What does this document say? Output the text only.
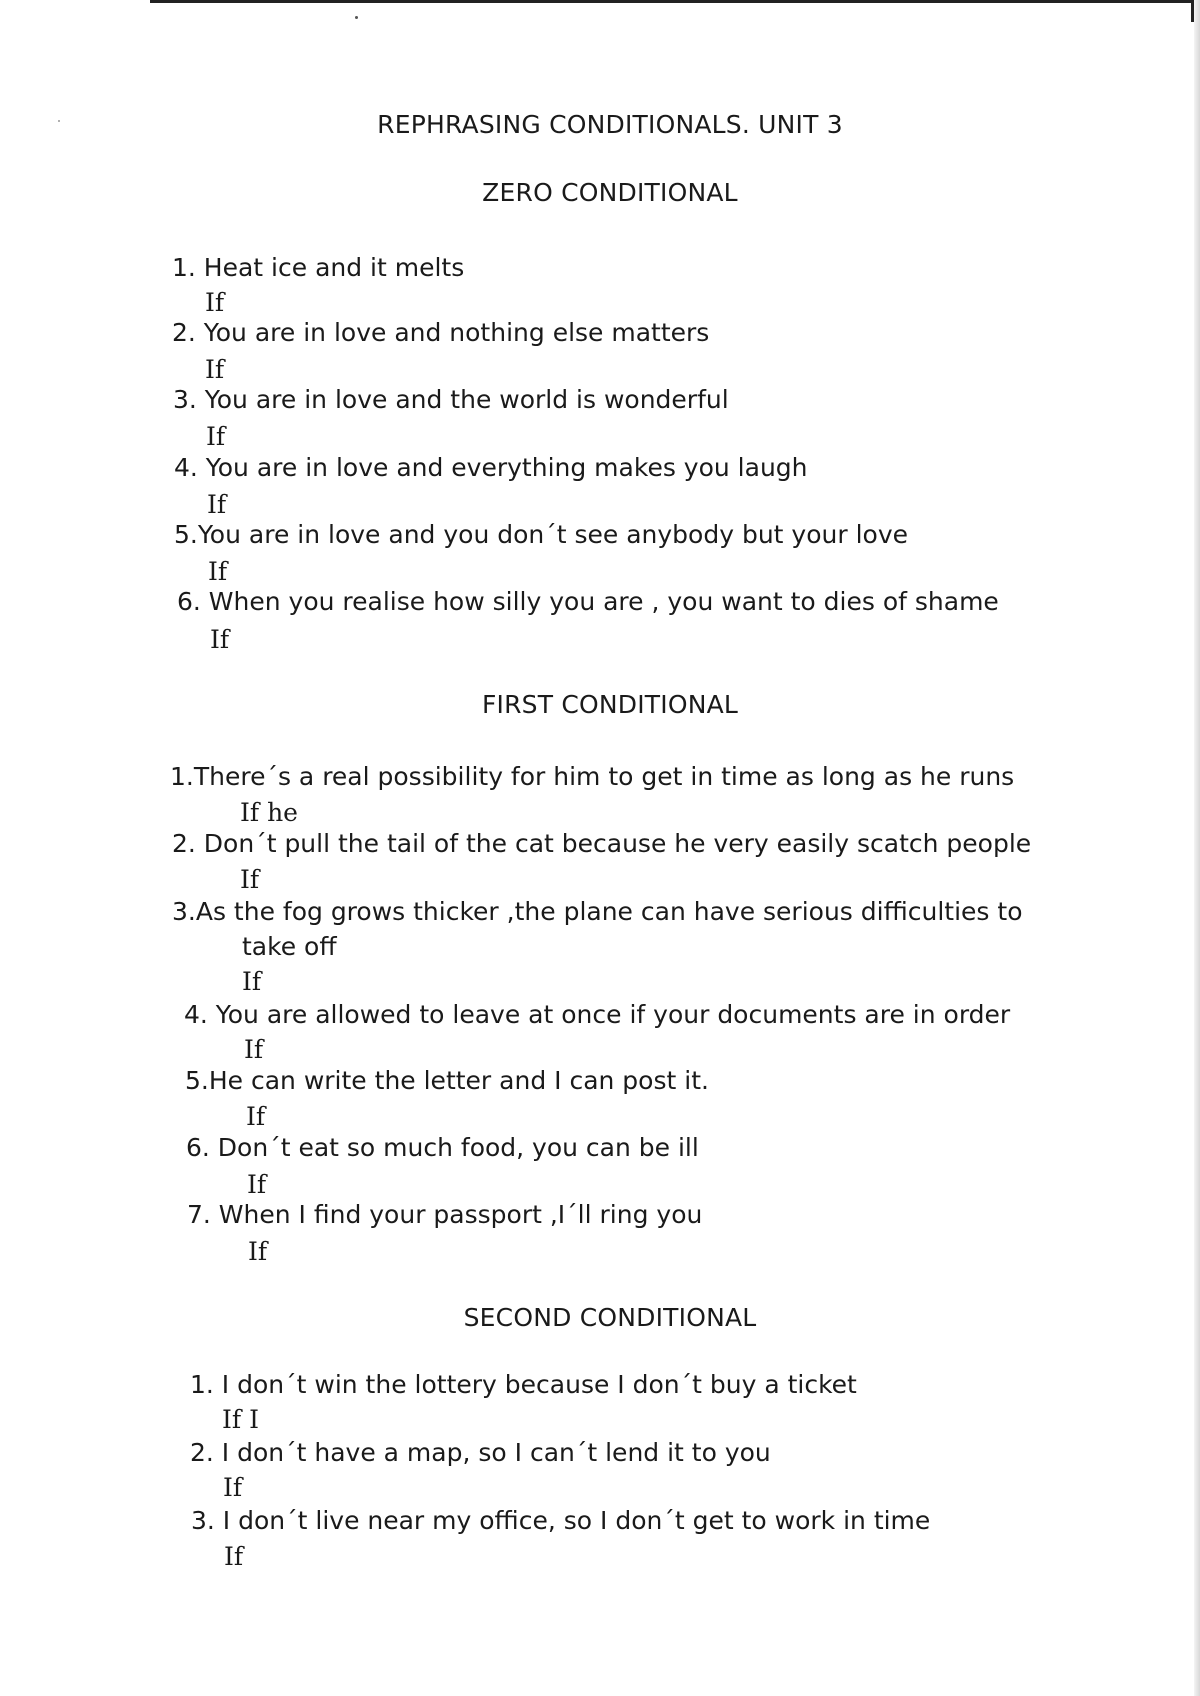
REPHRASING CONDITIONALS. UNIT 3
ZERO CONDITIONAL
1. Heat ice and it melts
If
2. You are in love and nothing else matters
If
3. You are in love and the world is wonderful
If
4. You are in love and everything makes you laugh
If
5.You are in love and you don´t see anybody but your love
If
6. When you realise how silly you are , you want to dies of shame
If
FIRST CONDITIONAL
1.There´s a real possibility for him to get in time as long as he runs
If he
2. Don´t pull the tail of the cat because he very easily scatch people
If
3.As the fog grows thicker ,the plane can have serious difficulties to
take off
If
4. You are allowed to leave at once if your documents are in order
If
5.He can write the letter and I can post it.
If
6. Don´t eat so much food, you can be ill
If
7. When I find your passport ,I´ll ring you
If
SECOND CONDITIONAL
1. I don´t win the lottery because I don´t buy a ticket
If I
2. I don´t have a map, so I can´t lend it to you
If
3. I don´t live near my office, so I don´t get to work in time
If
